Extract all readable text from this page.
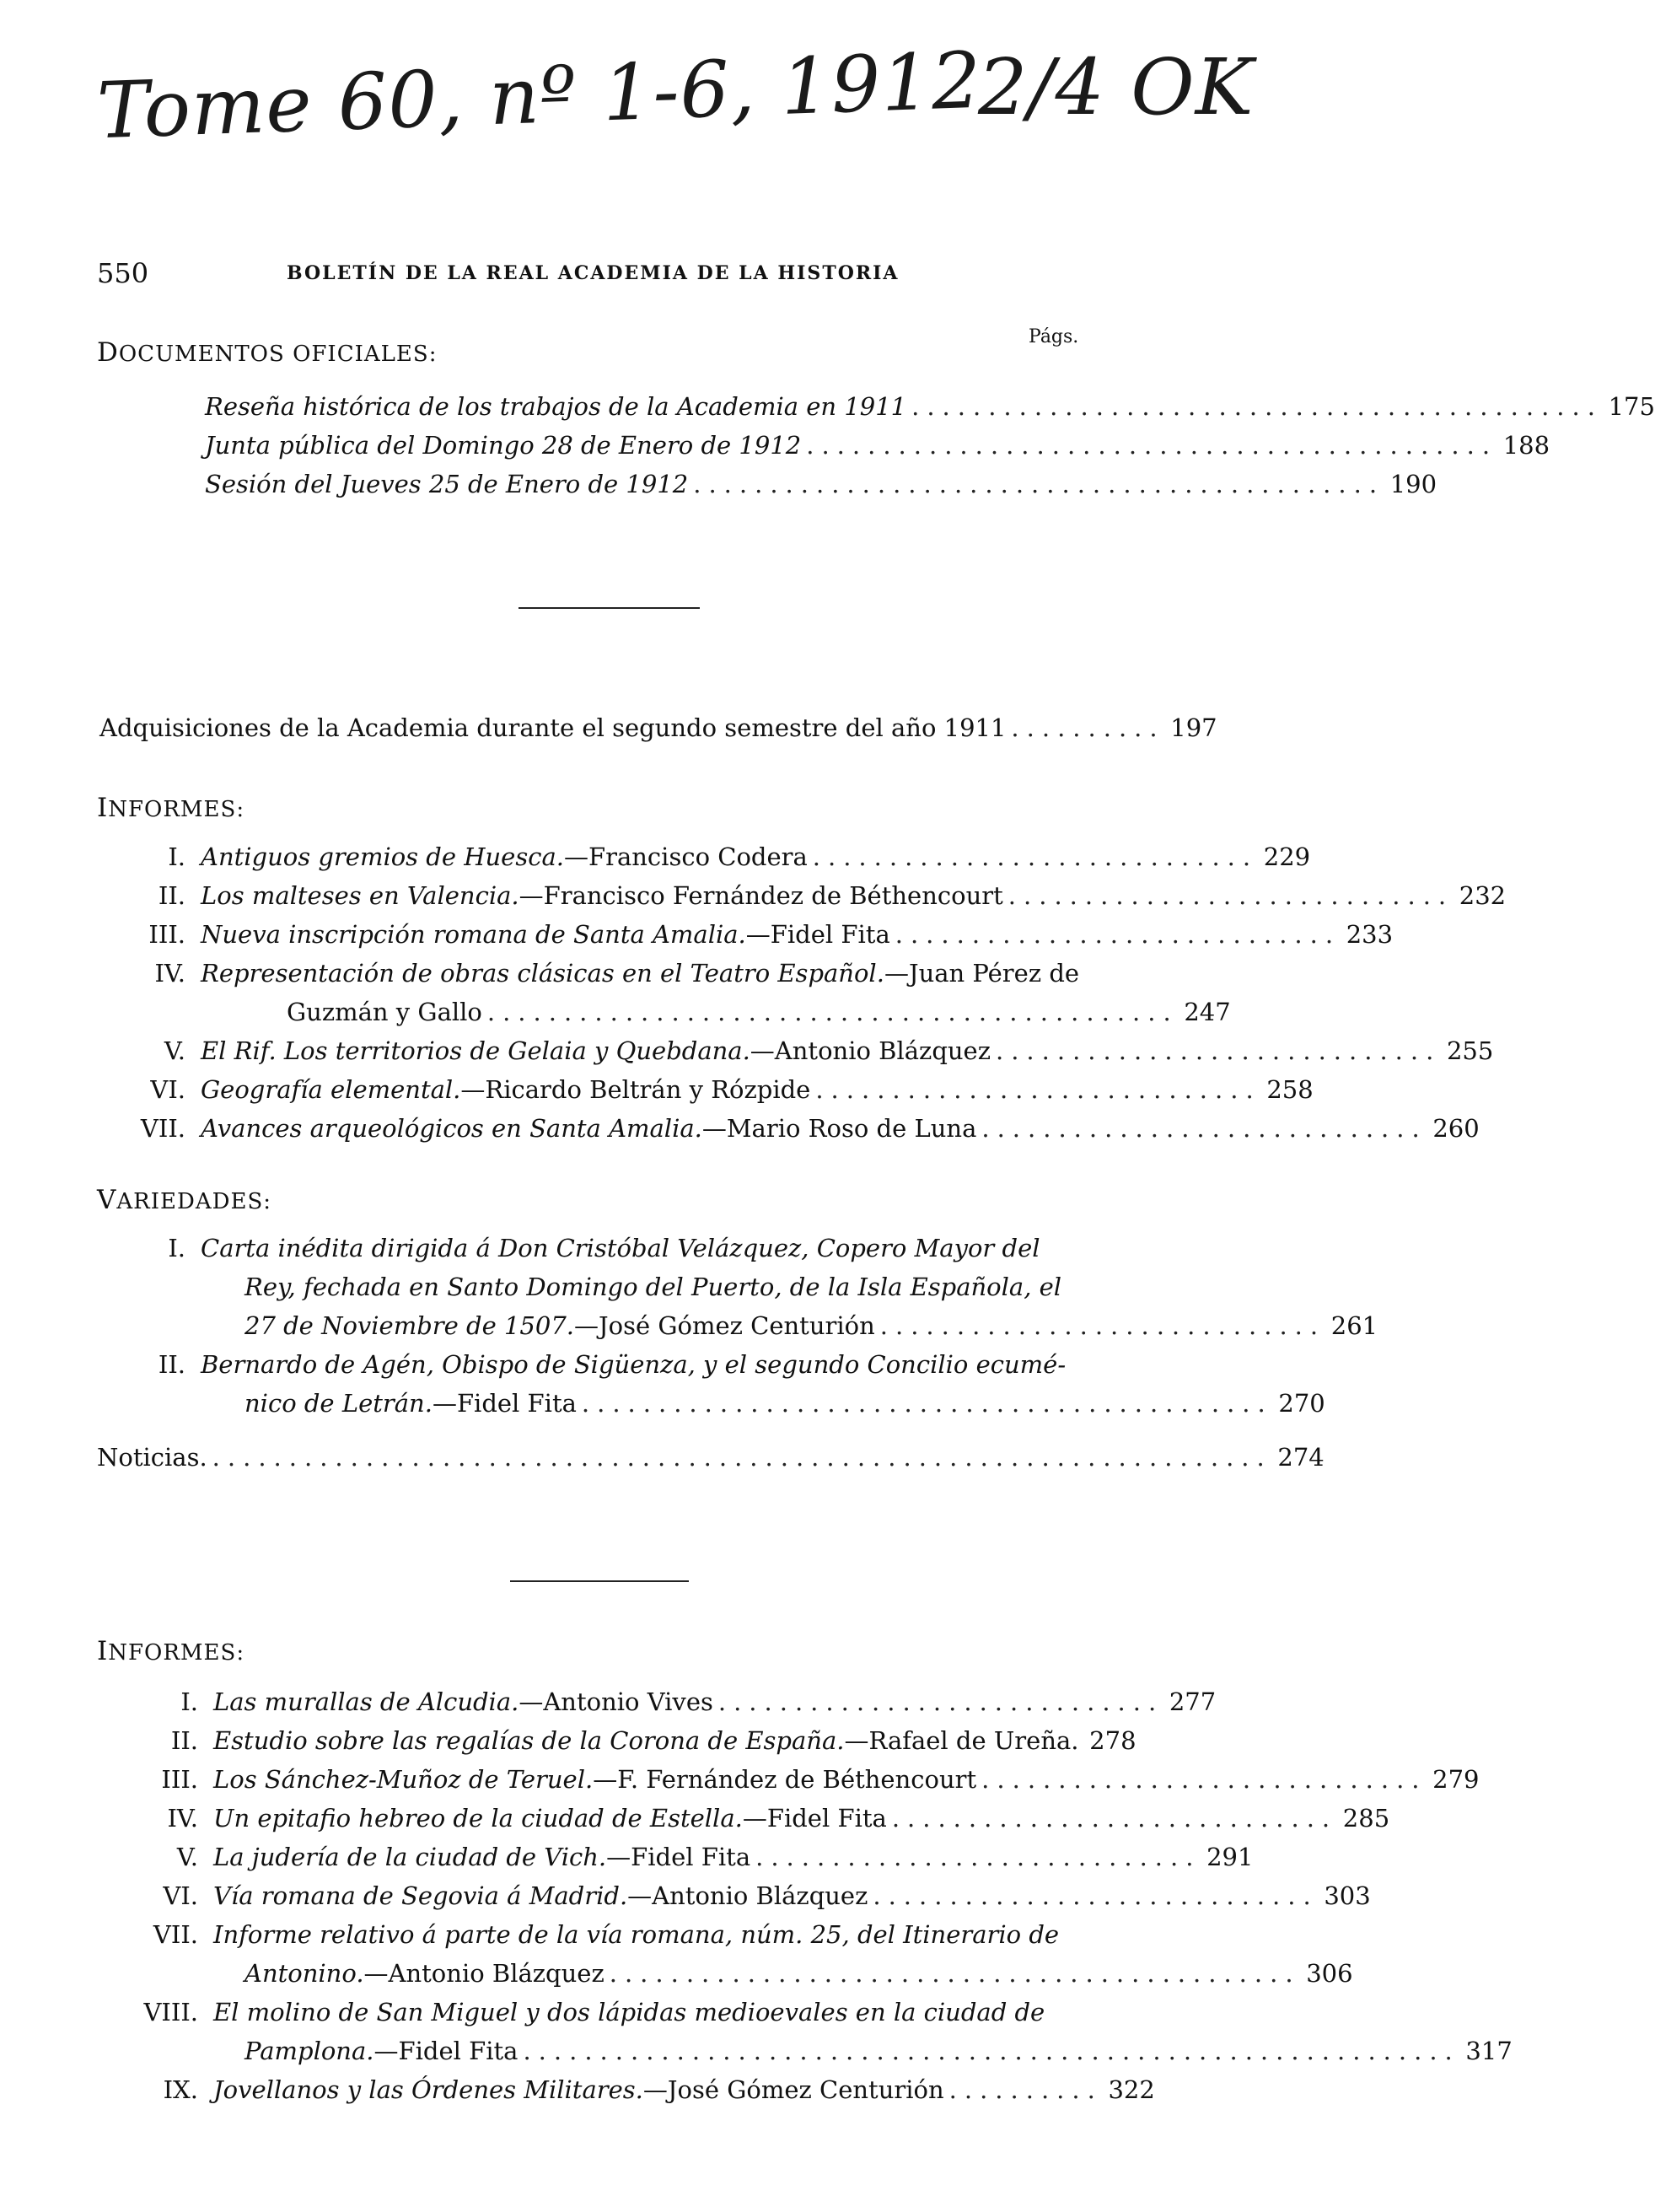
Tome 60, nº 1-6, 1912
2/4 OK
550	BOLETÍN DE LA REAL ACADEMIA DE LA HISTORIA
Págs.
DOCUMENTOS OFICIALES:
Reseña histórica de los trabajos de la Academia en 1911 ............................................. 175
Junta pública del Domingo 28 de Enero de 1912 ............................................. 188
Sesión del Jueves 25 de Enero de 1912 ............................................. 190
Adquisiciones de la Academia durante el segundo semestre del año 1911 .......... 197
INFORMES:
I. Antiguos gremios de Huesca.—Francisco Codera ............................. 229
II. Los malteses en Valencia.—Francisco Fernández de Béthencourt ............................. 232
III. Nueva inscripción romana de Santa Amalia.—Fidel Fita ............................. 233
IV. Representación de obras clásicas en el Teatro Español.—Juan Pérez de
Guzmán y Gallo ............................................. 247
V. El Rif. Los territorios de Gelaia y Quebdana.—Antonio Blázquez ............................. 255
VI. Geografía elemental.—Ricardo Beltrán y Rózpide ............................. 258
VII. Avances arqueológicos en Santa Amalia.—Mario Roso de Luna ............................. 260
VARIEDADES:
I. Carta inédita dirigida á Don Cristóbal Velázquez, Copero Mayor del
Rey, fechada en Santo Domingo del Puerto, de la Isla Española, el
27 de Noviembre de 1507.—José Gómez Centurión ............................. 261
II. Bernardo de Agén, Obispo de Sigüenza, y el segundo Concilio ecumé-
nico de Letrán.—Fidel Fita ............................................. 270
Noticias. ..................................................................... 274
INFORMES:
I. Las murallas de Alcudia.—Antonio Vives ............................. 277
II. Estudio sobre las regalías de la Corona de España.—Rafael de Ureña. 278
III. Los Sánchez-Muñoz de Teruel.—F. Fernández de Béthencourt ............................. 279
IV. Un epitafio hebreo de la ciudad de Estella.—Fidel Fita ............................. 285
V. La judería de la ciudad de Vich.—Fidel Fita ............................. 291
VI. Vía romana de Segovia á Madrid.—Antonio Blázquez ............................. 303
VII. Informe relativo á parte de la vía romana, núm. 25, del Itinerario de
Antonino.—Antonio Blázquez ............................................. 306
VIII. El molino de San Miguel y dos lápidas medioevales en la ciudad de
Pamplona.—Fidel Fita ............................................................. 317
IX. Jovellanos y las Órdenes Militares.—José Gómez Centurión .......... 322
